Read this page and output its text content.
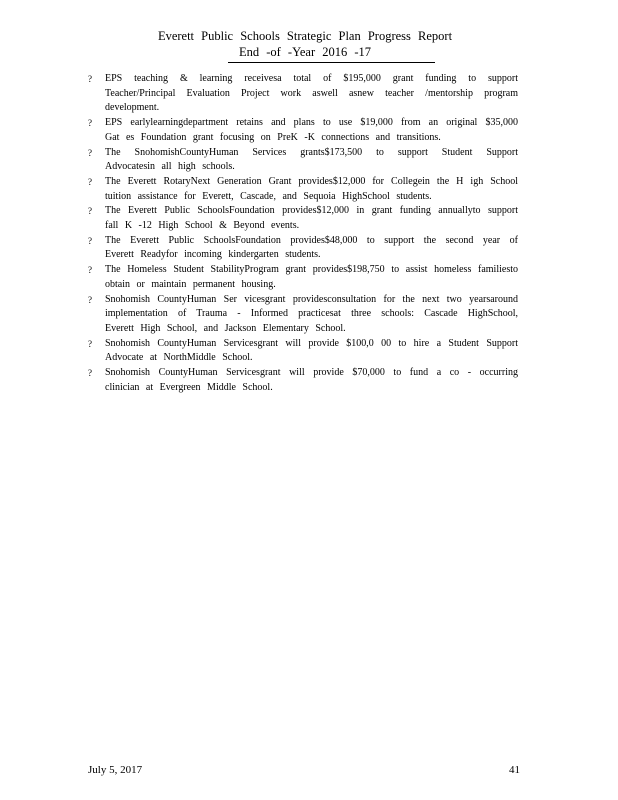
Everett Public Schools Strategic Plan Progress Report
End -of -Year 2016 -17
? EPS teaching & learning receivesa total of $195,000 grant funding to support Teacher/Principal Evaluation Project work aswell asnew teacher /mentorship program development.
? EPS earlylearningdepartment retains and plans to use $19,000 from an original $35,000 Gat es Foundation grant focusing on PreK -K connections and transitions.
? The SnohomishCountyHuman Services grants$173,500 to support Student Support Advocatesin all high schools.
? The Everett RotaryNext Generation Grant provides$12,000 for Collegein the H igh School tuition assistance for Everett, Cascade, and Sequoia HighSchool students.
? The Everett Public SchoolsFoundation provides$12,000 in grant funding annuallyto support fall K -12 High School & Beyond events.
? The Everett Public SchoolsFoundation provides$48,000 to support the second year of Everett Readyfor incoming kindergarten students.
? The Homeless Student StabilityProgram grant provides$198,750 to assist homeless familiesto obtain or maintain permanent housing.
? Snohomish CountyHuman Ser vicesgrant providesconsultation for the next two yearsaround implementation of Trauma - Informed practicesat three schools: Cascade HighSchool, Everett High School, and Jackson Elementary School.
? Snohomish CountyHuman Servicesgrant will provide $100,0 00 to hire a Student Support Advocate at NorthMiddle School.
? Snohomish CountyHuman Servicesgrant will provide $70,000 to fund a co - occurring clinician at Evergreen Middle School.
July 5, 2017	41
